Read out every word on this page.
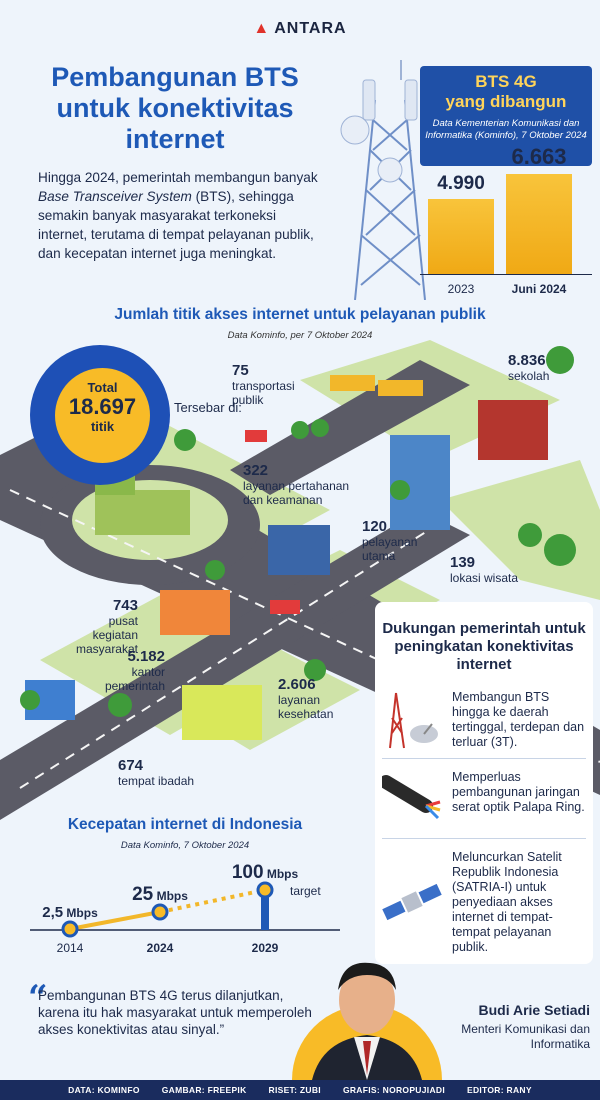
▲ ANTARA
Pembangunan BTS untuk konektivitas internet
Hingga 2024, pemerintah membangun banyak Base Transceiver System (BTS), sehingga semakin banyak masyarakat terkoneksi internet, terutama di tempat pelayanan publik, dan kecepatan internet juga meningkat.
BTS 4G
yang dibangun
Data Kementerian Komunikasi dan Informatika (Kominfo), 7 Oktober 2024
4.990
2023
6.663
Juni 2024
Jumlah titik akses internet untuk pelayanan publik
Data Kominfo, per 7 Oktober 2024
Total
18.697
titik
Tersebar di:
75
transportasi publik
8.836
sekolah
322
layanan pertahanan dan keamanan
120
pelayanan utama	139
lokasi wisata
743
pusat kegiatan masyarakat
5.182
kantor pemerintah	2.606
layanan kesehatan
674
tempat ibadah
Dukungan pemerintah untuk peningkatan konektivitas internet
Membangun BTS hingga ke daerah tertinggal, terdepan dan terluar (3T).
Memperluas pembangunan jaringan serat optik Palapa Ring.
Meluncurkan Satelit Republik Indonesia (SATRIA-I) untuk penyediaan akses internet di tempat-tempat pelayanan publik.
Kecepatan internet di Indonesia
Data Kominfo, 7 Oktober 2024
2,5 Mbps
2014
25 Mbps
2024
100 Mbps
2029
target
“
Pembangunan BTS 4G terus dilanjutkan, karena itu hak masyarakat untuk memperoleh akses konektivitas atau sinyal.”
Budi Arie Setiadi
Menteri Komunikasi dan Informatika
DATA: KOMINFO	GAMBAR: FREEPIK	RISET: ZUBI	GRAFIS: NOROPUJIADI	EDITOR: RANY
